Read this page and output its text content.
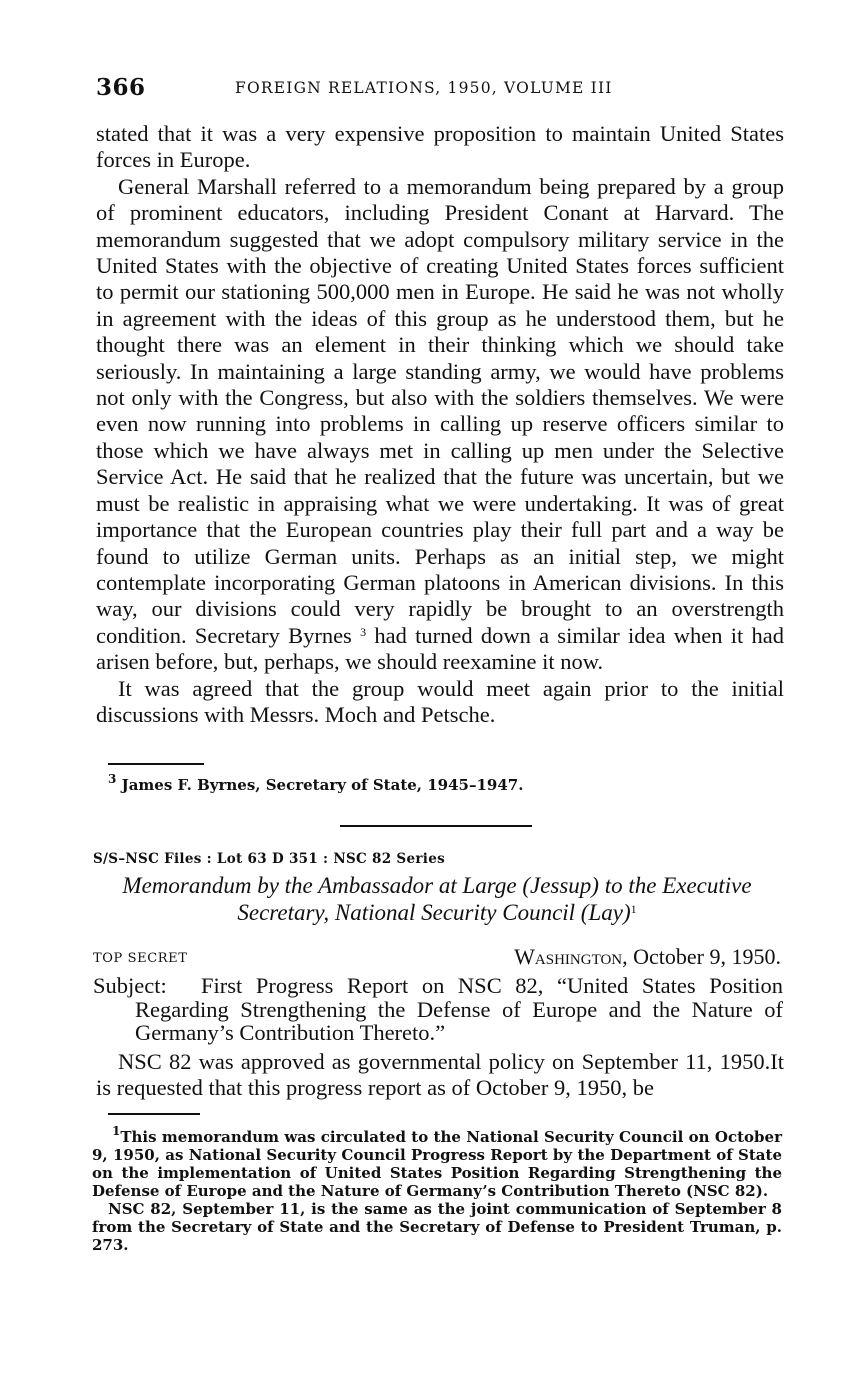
366	FOREIGN RELATIONS, 1950, VOLUME III

stated that it was a very expensive proposition to maintain United States forces in Europe.

General Marshall referred to a memorandum being prepared by a group of prominent educators, including President Conant at Harvard. The memorandum suggested that we adopt compulsory military service in the United States with the objective of creating United States forces sufficient to permit our stationing 500,000 men in Europe. He said he was not wholly in agreement with the ideas of this group as he understood them, but he thought there was an element in their thinking which we should take seriously. In maintaining a large standing army, we would have problems not only with the Congress, but also with the soldiers themselves. We were even now running into problems in calling up reserve officers similar to those which we have always met in calling up men under the Selective Service Act. He said that he realized that the future was uncertain, but we must be realistic in appraising what we were undertaking. It was of great importance that the European countries play their full part and a way be found to utilize German units. Perhaps as an initial step, we might contemplate incorporating German platoons in American divisions. In this way, our divisions could very rapidly be brought to an overstrength condition. Secretary Byrnes $^3$ had turned down a similar idea when it had arisen before, but, perhaps, we should reexamine it now.

It was agreed that the group would meet again prior to the initial discussions with Messrs. Moch and Petsche.

$^3$ James F. Byrnes, Secretary of State, 1945–1947.

S/S–NSC Files : Lot 63 D 351 : NSC 82 Series
Memorandum by the Ambassador at Large (Jessup) to the Executive
Secretary, National Security Council (Lay)$^1$
TOP SECRET	Washington, October 9, 1950.
Subject:	First Progress Report on NSC 82, “United States Position Regarding Strengthening the Defense of Europe and the Nature of Germany’s Contribution Thereto.”

NSC 82 was approved as governmental policy on September 11, 1950.It is requested that this progress report as of October 9, 1950, be

$^1$This memorandum was circulated to the National Security Council on October 9, 1950, as National Security Council Progress Report by the Department of State on the implementation of United States Position Regarding Strengthening the Defense of Europe and the Nature of Germany’s Contribution Thereto (NSC 82).

NSC 82, September 11, is the same as the joint communication of September 8 from the Secretary of State and the Secretary of Defense to President Truman, p. 273.
